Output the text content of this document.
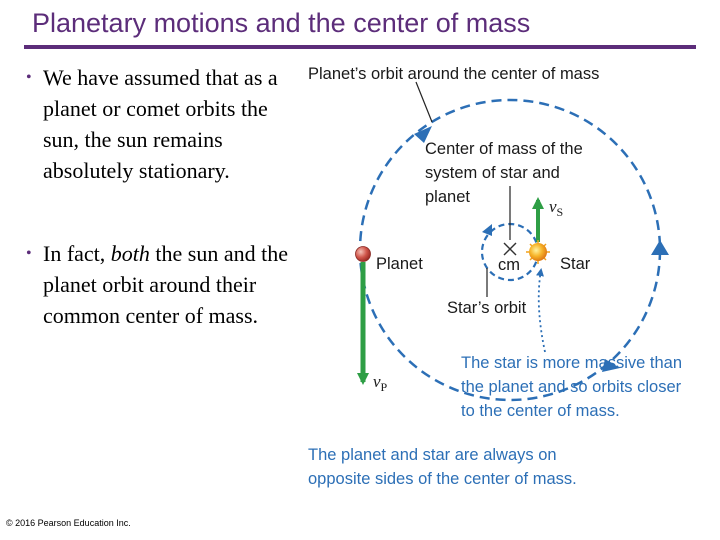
Planetary motions and the center of mass
• We have assumed that as a planet or comet orbits the sun, the sun remains absolutely stationary.
• In fact, both the sun and the planet orbit around their common center of mass.
Planet’s orbit around the center of mass
Center of mass of the
system of star and
planet	$v_S$
Planet	cm Star
Star’s orbit
$v_P$
The star is more massive than
the planet and so orbits closer
to the center of mass.
The planet and star are always on
opposite sides of the center of mass.
© 2016 Pearson Education Inc.
